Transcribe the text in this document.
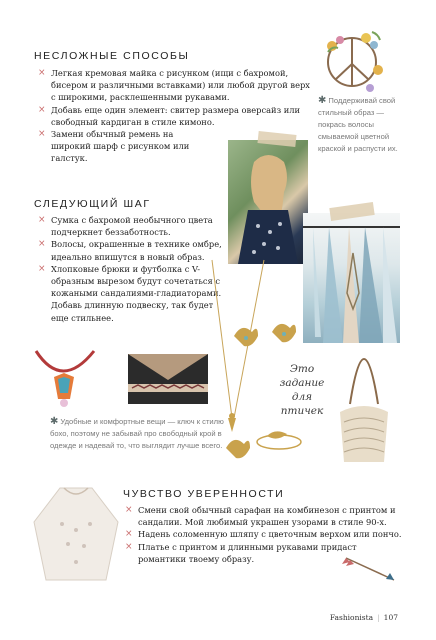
НЕСЛОЖНЫЕ СПОСОБЫ
× Легкая кремовая майка с рисунком (ищи с бахромой, бисером и различными вставками) или любой другой верх с широкими, расклешенными рукавами.
× Добавь еще один элемент: свитер размера оверсайз или свободный кардиган в стиле кимоно.
× Замени обычный ремень на широкий шарф с рисунком или галстук.
✱ Поддерживай свой стильный образ — покрась волосы смываемой цветной краской и распусти их.
СЛЕДУЮЩИЙ ШАГ
× Сумка с бахромой необычного цвета подчеркнет беззаботность.
× Волосы, окрашенные в технике омбре, идеально впишутся в новый образ.
× Хлопковые брюки и футболка с V-образным вырезом будут сочетаться с кожаными сандалиями-гладиаторами. Добавь длинную подвеску, так будет еще стильнее.
Это задание
для
птичек
✱ Удобные и комфортные вещи — ключ к стилю бохо, поэтому не забывай про свободный крой в одежде и надевай то, что выглядит лучше всего.
ЧУВСТВО УВЕРЕННОСТИ
× Смени свой обычный сарафан на комбинезон с принтом и сандалии. Мой любимый украшен узорами в стиле 90-х.
× Надень соломенную шляпу с цветочным верхом или пончо.
× Платье с принтом и длинными рукавами придаст романтики твоему образу.
Fashionista | 107
